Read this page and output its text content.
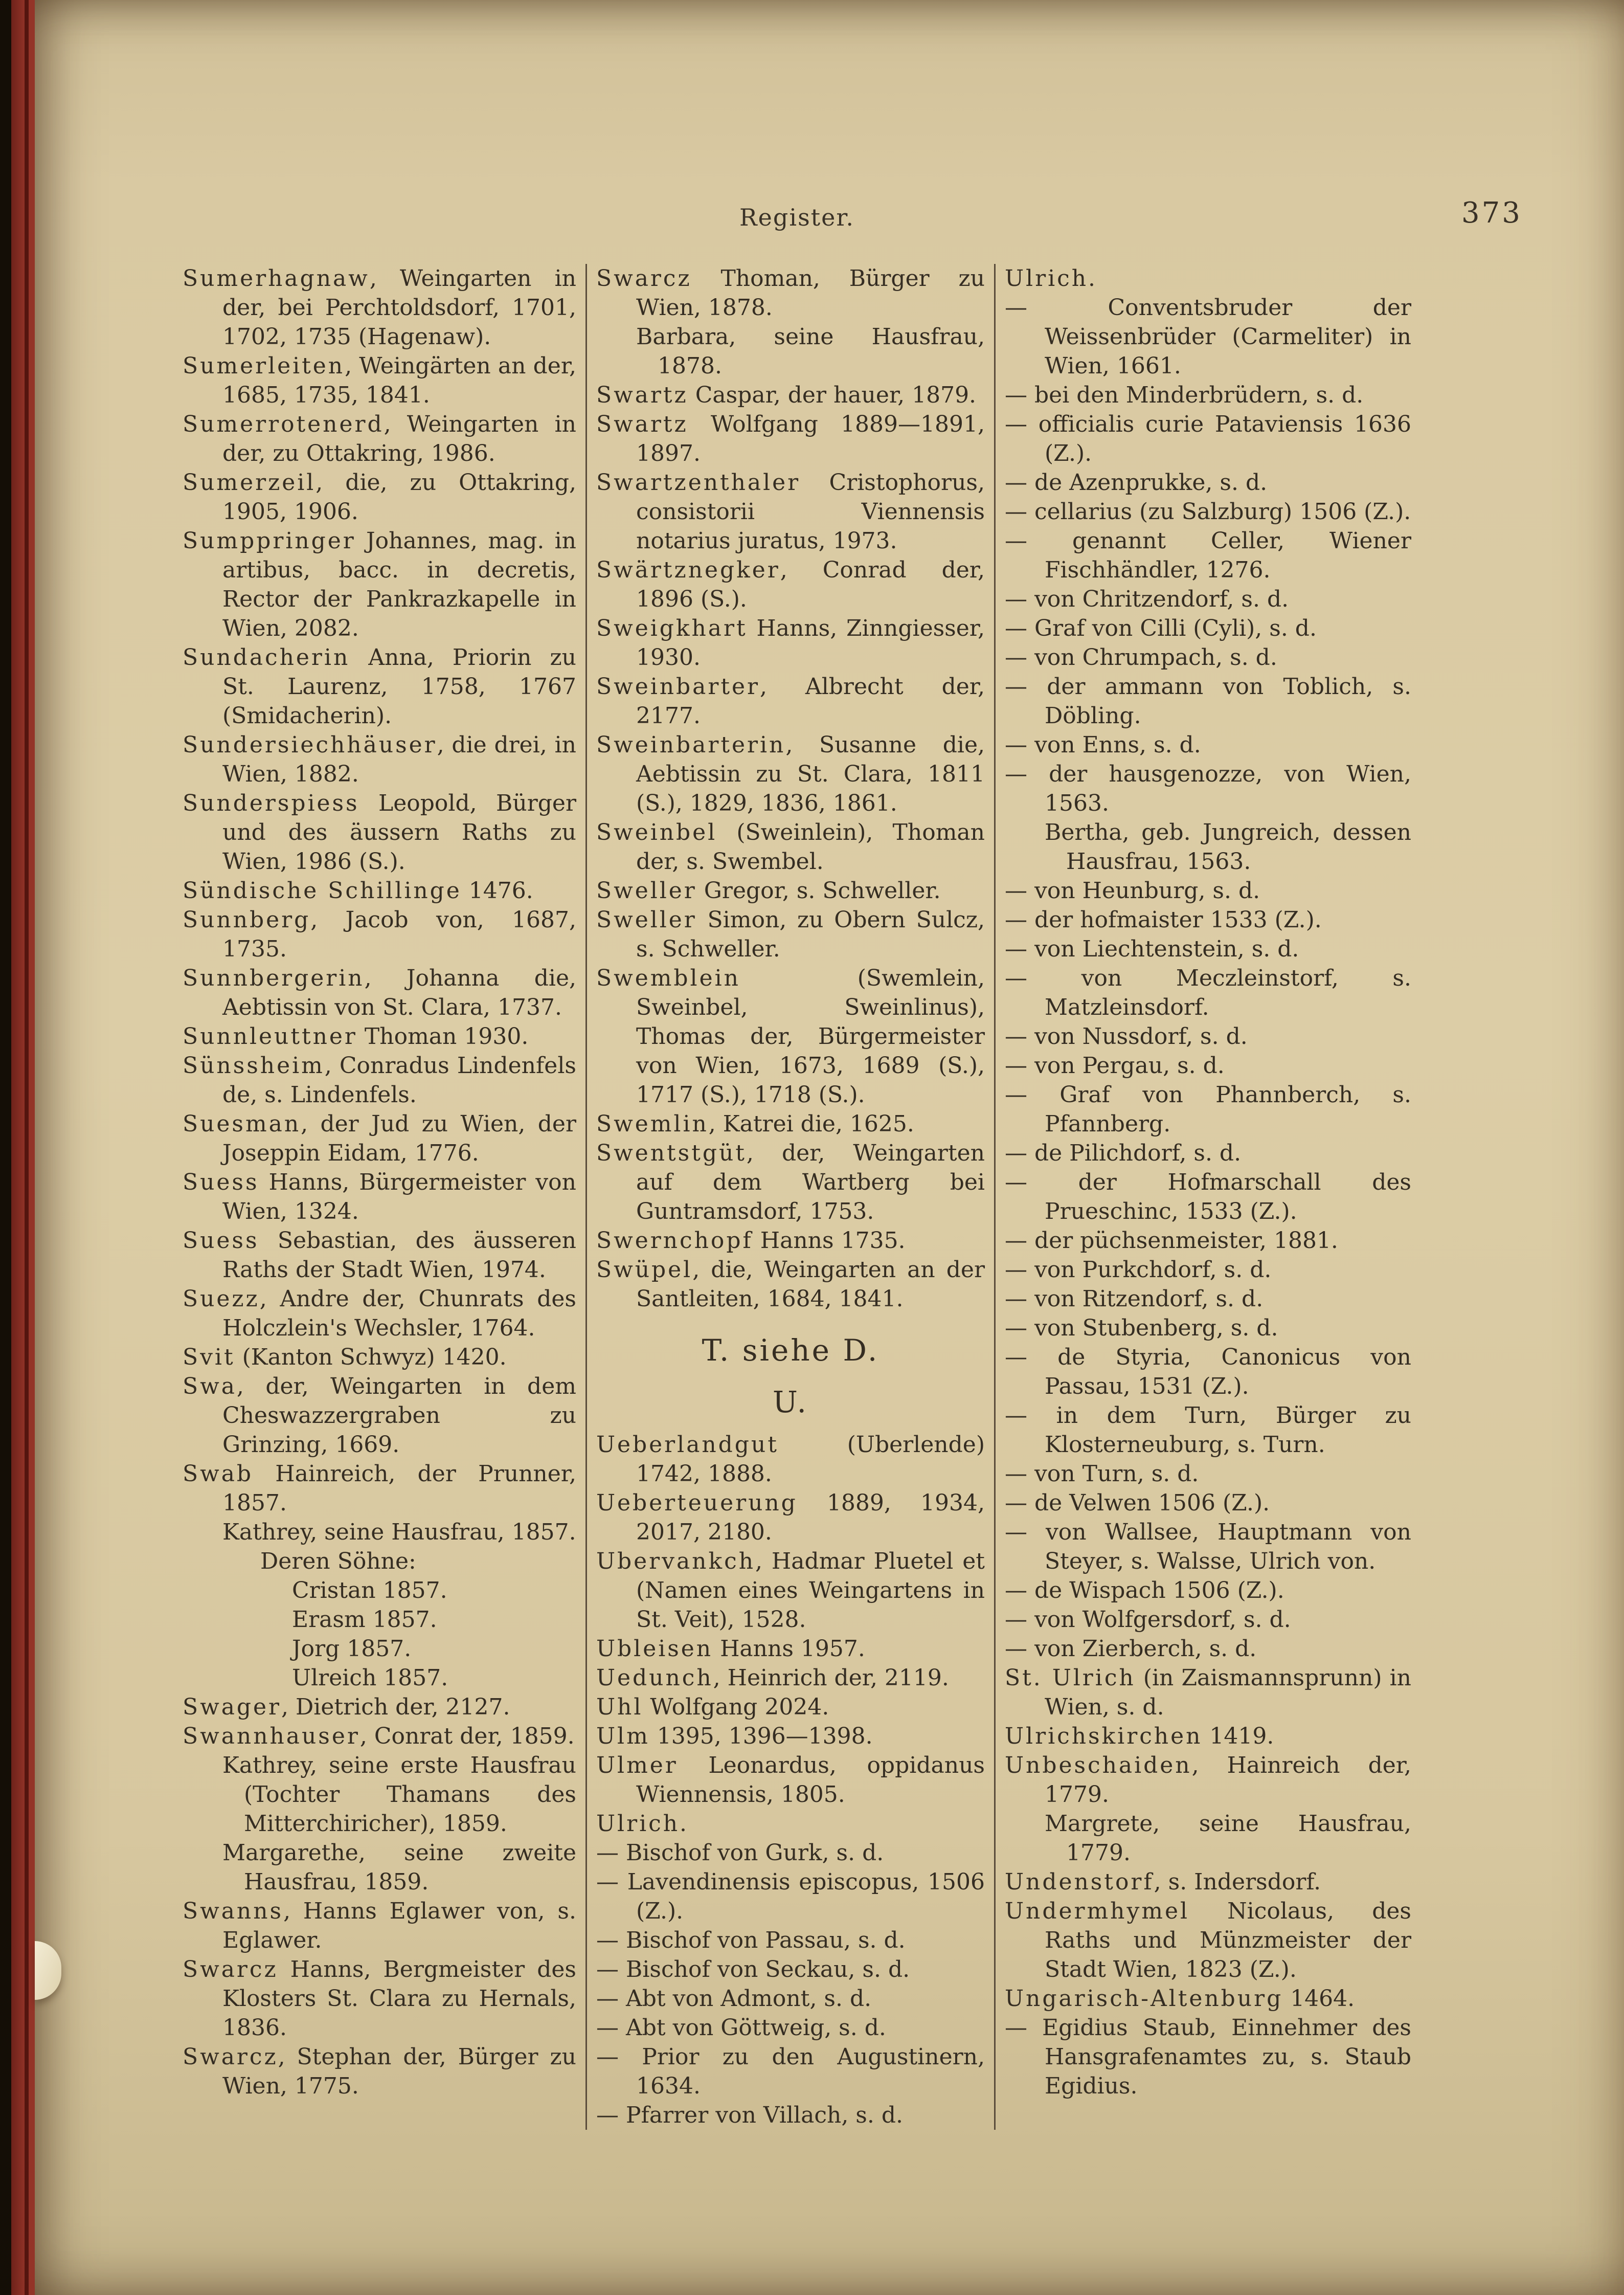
Register.	373

Sumerhagnaw, Weingarten in der, bei Perchtoldsdorf, 1701, 1702, 1735 (Hagenaw).

Sumerleiten, Weingärten an der, 1685, 1735, 1841.

Sumerrotenerd, Weingarten in der, zu Ottakring, 1986.

Sumerzeil, die, zu Ottakring, 1905, 1906.

Sumppringer Johannes, mag. in artibus, bacc. in decretis, Rector der Pankrazkapelle in Wien, 2082.

Sundacherin Anna, Priorin zu St. Laurenz, 1758, 1767 (Smidacherin).

Sundersiechhäuser, die drei, in Wien, 1882.

Sunderspiess Leopold, Bürger und des äussern Raths zu Wien, 1986 (S.).

Sündische Schillinge 1476.

Sunnberg, Jacob von, 1687, 1735.

Sunnbergerin, Johanna die, Aebtissin von St. Clara, 1737.

Sunnleuttner Thoman 1930.

Sünssheim, Conradus Lindenfels de, s. Lindenfels.

Suesman, der Jud zu Wien, der Joseppin Eidam, 1776.

Suess Hanns, Bürgermeister von Wien, 1324.

Suess Sebastian, des äusseren Raths der Stadt Wien, 1974.

Suezz, Andre der, Chunrats des Holczlein's Wechsler, 1764.

Svit (Kanton Schwyz) 1420.

Swa, der, Weingarten in dem Cheswazzergraben zu Grinzing, 1669.

Swab Hainreich, der Prunner, 1857.

Kathrey, seine Hausfrau, 1857.

Deren Söhne:

Cristan 1857.

Erasm 1857.

Jorg 1857.

Ulreich 1857.

Swager, Dietrich der, 2127.

Swannhauser, Conrat der, 1859.

Kathrey, seine erste Hausfrau (Tochter Thamans des Mitterchiricher), 1859.

Margarethe, seine zweite Hausfrau, 1859.

Swanns, Hanns Eglawer von, s. Eglawer.

Swarcz Hanns, Bergmeister des Klosters St. Clara zu Hernals, 1836.

Swarcz, Stephan der, Bürger zu Wien, 1775.

Swarcz Thoman, Bürger zu Wien, 1878.

Barbara, seine Hausfrau, 1878.

Swartz Caspar, der hauer, 1879.

Swartz Wolfgang 1889—1891, 1897.

Swartzenthaler Cristophorus, consistorii Viennensis notarius juratus, 1973.

Swärtznegker, Conrad der, 1896 (S.).

Sweigkhart Hanns, Zinngiesser, 1930.

Sweinbarter, Albrecht der, 2177.

Sweinbarterin, Susanne die, Aebtissin zu St. Clara, 1811 (S.), 1829, 1836, 1861.

Sweinbel (Sweinlein), Thoman der, s. Swembel.

Sweller Gregor, s. Schweller.

Sweller Simon, zu Obern Sulcz, s. Schweller.

Swemblein (Swemlein, Sweinbel, Sweinlinus), Thomas der, Bürgermeister von Wien, 1673, 1689 (S.), 1717 (S.), 1718 (S.).

Swemlin, Katrei die, 1625.

Swentstgüt, der, Weingarten auf dem Wartberg bei Guntramsdorf, 1753.

Swernchopf Hanns 1735.

Swüpel, die, Weingarten an der Santleiten, 1684, 1841.

T. siehe D.
U.

Ueberlandgut (Uberlende) 1742, 1888.

Ueberteuerung 1889, 1934, 2017, 2180.

Ubervankch, Hadmar Pluetel et (Namen eines Weingartens in St. Veit), 1528.

Ubleisen Hanns 1957.

Uedunch, Heinrich der, 2119.

Uhl Wolfgang 2024.

Ulm 1395, 1396—1398.

Ulmer Leonardus, oppidanus Wiennensis, 1805.

Ulrich.

— Bischof von Gurk, s. d.

— Lavendinensis episcopus, 1506 (Z.).

— Bischof von Passau, s. d.

— Bischof von Seckau, s. d.

— Abt von Admont, s. d.

— Abt von Göttweig, s. d.

— Prior zu den Augustinern, 1634.

— Pfarrer von Villach, s. d.

Ulrich.

— Conventsbruder der Weissenbrüder (Carmeliter) in Wien, 1661.

— bei den Minderbrüdern, s. d.

— officialis curie Pataviensis 1636 (Z.).

— de Azenprukke, s. d.

— cellarius (zu Salzburg) 1506 (Z.).

— genannt Celler, Wiener Fischhändler, 1276.

— von Chritzendorf, s. d.

— Graf von Cilli (Cyli), s. d.

— von Chrumpach, s. d.

— der ammann von Toblich, s. Döbling.

— von Enns, s. d.

— der hausgenozze, von Wien, 1563.

Bertha, geb. Jungreich, dessen Hausfrau, 1563.

— von Heunburg, s. d.

— der hofmaister 1533 (Z.).

— von Liechtenstein, s. d.

— von Meczleinstorf, s. Matzleinsdorf.

— von Nussdorf, s. d.

— von Pergau, s. d.

— Graf von Phannberch, s. Pfannberg.

— de Pilichdorf, s. d.

— der Hofmarschall des Prueschinc, 1533 (Z.).

— der püchsenmeister, 1881.

— von Purkchdorf, s. d.

— von Ritzendorf, s. d.

— von Stubenberg, s. d.

— de Styria, Canonicus von Passau, 1531 (Z.).

— in dem Turn, Bürger zu Klosterneuburg, s. Turn.

— von Turn, s. d.

— de Velwen 1506 (Z.).

— von Wallsee, Hauptmann von Steyer, s. Walsse, Ulrich von.

— de Wispach 1506 (Z.).

— von Wolfgersdorf, s. d.

— von Zierberch, s. d.

St. Ulrich (in Zaismannsprunn) in Wien, s. d.

Ulrichskirchen 1419.

Unbeschaiden, Hainreich der, 1779.

Margrete, seine Hausfrau, 1779.

Undenstorf, s. Indersdorf.

Undermhymel Nicolaus, des Raths und Münzmeister der Stadt Wien, 1823 (Z.).

Ungarisch-Altenburg 1464.

— Egidius Staub, Einnehmer des Hansgrafenamtes zu, s. Staub Egidius.
